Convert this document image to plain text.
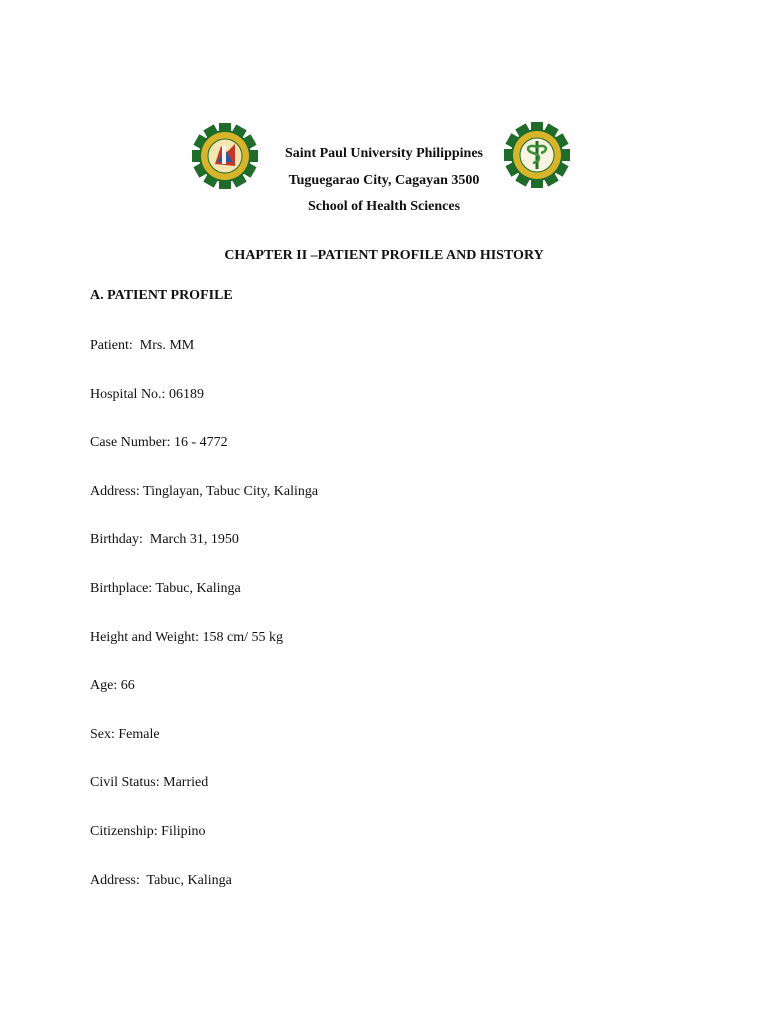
Saint Paul University Philippines
Tuguegarao City, Cagayan 3500
School of Health Sciences
CHAPTER II –PATIENT PROFILE AND HISTORY
A. PATIENT PROFILE
Patient:  Mrs. MM
Hospital No.: 06189
Case Number: 16 - 4772
Address: Tinglayan, Tabuc City, Kalinga
Birthday:  March 31, 1950
Birthplace: Tabuc, Kalinga
Height and Weight: 158 cm/ 55 kg
Age: 66
Sex: Female
Civil Status: Married
Citizenship: Filipino
Address:  Tabuc, Kalinga
